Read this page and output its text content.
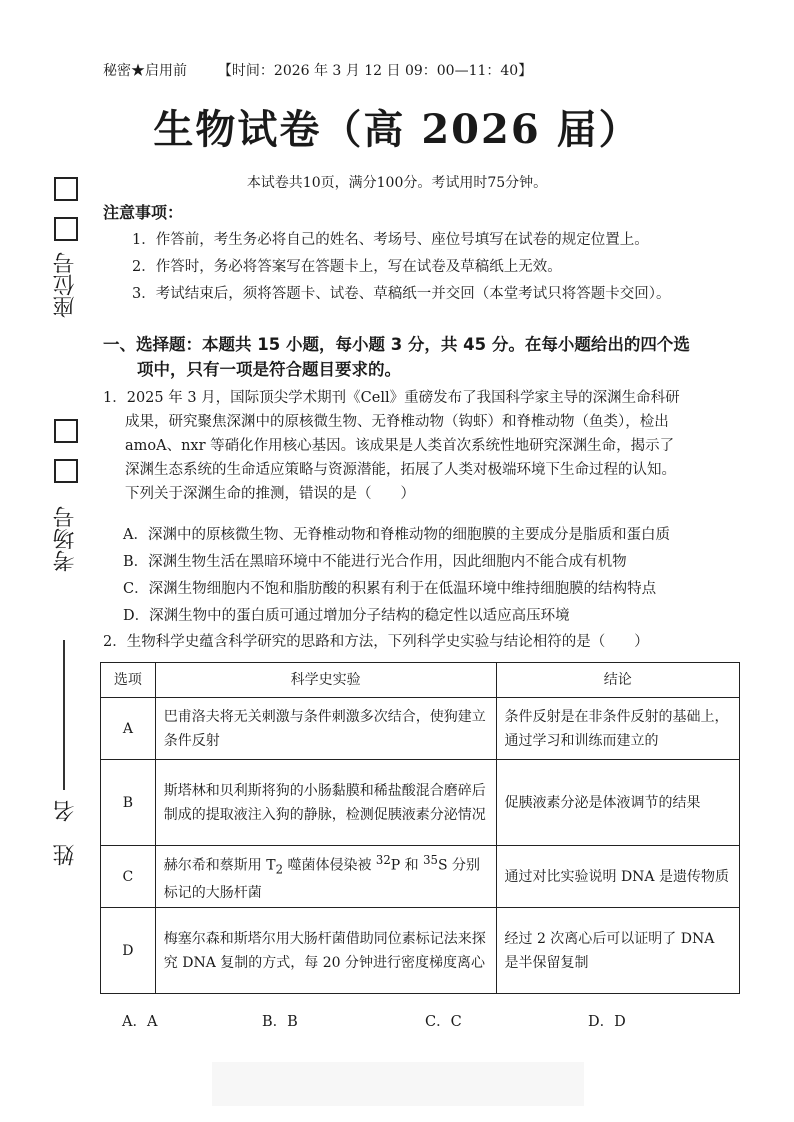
秘密★启用前 【时间：2026 年 3 月 12 日 09：00—11：40】
生物试卷（高 2026 届）
本试卷共10页，满分100分。考试用时75分钟。
注意事项：
1．作答前，考生务必将自己的姓名、考场号、座位号填写在试卷的规定位置上。
2．作答时，务必将答案写在答题卡上，写在试卷及草稿纸上无效。
3．考试结束后，须将答题卡、试卷、草稿纸一并交回（本堂考试只将答题卡交回）。
一、选择题：本题共 15 小题，每小题 3 分，共 45 分。在每小题给出的四个选
项中，只有一项是符合题目要求的。
1．2025 年 3 月，国际顶尖学术期刊《Cell》重磅发布了我国科学家主导的深渊生命科研
成果，研究聚焦深渊中的原核微生物、无脊椎动物（钩虾）和脊椎动物（鱼类），检出
amoA、nxr 等硝化作用核心基因。该成果是人类首次系统性地研究深渊生命，揭示了
深渊生态系统的生命适应策略与资源潜能，拓展了人类对极端环境下生命过程的认知。
下列关于深渊生命的推测，错误的是（　　）
A．深渊中的原核微生物、无脊椎动物和脊椎动物的细胞膜的主要成分是脂质和蛋白质
B．深渊生物生活在黑暗环境中不能进行光合作用，因此细胞内不能合成有机物
C．深渊生物细胞内不饱和脂肪酸的积累有利于在低温环境中维持细胞膜的结构特点
D．深渊生物中的蛋白质可通过增加分子结构的稳定性以适应高压环境
2．生物科学史蕴含科学研究的思路和方法，下列科学史实验与结论相符的是（　　）
选项	科学史实验	结论
A	巴甫洛夫将无关刺激与条件刺激多次结合，使狗建立条件反射	条件反射是在非条件反射的基础上，通过学习和训练而建立的
B	斯塔林和贝利斯将狗的小肠黏膜和稀盐酸混合磨碎后制成的提取液注入狗的静脉，检测促胰液素分泌情况	促胰液素分泌是体液调节的结果
C	赫尔希和蔡斯用 $T_2$ 噬菌体侵染被 $^{32}$P 和 $^{35}$S 分别标记的大肠杆菌	通过对比实验说明 DNA 是遗传物质
D	梅塞尔森和斯塔尔用大肠杆菌借助同位素标记法来探究 DNA 复制的方式，每 20 分钟进行密度梯度离心	经过 2 次离心后可以证明了 DNA 是半保留复制
A．A	B．B	C．C	D．D
座位号
考场号
姓　名
